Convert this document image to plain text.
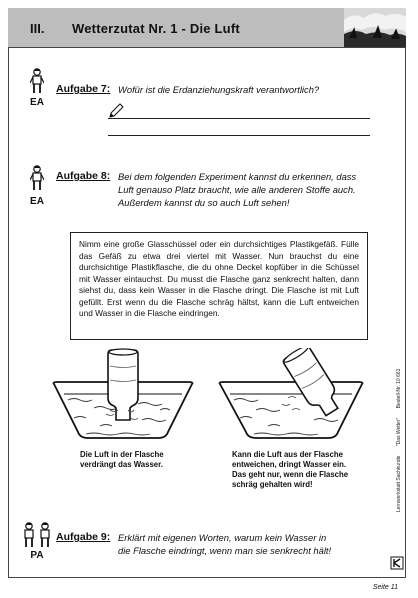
III. Wetterzutat Nr. 1 - Die Luft
EA
Aufgabe 7: Wofür ist die Erdanziehungskraft verantwortlich?
EA
Aufgabe 8: Bei dem folgenden Experiment kannst du erkennen, dass
Luft genauso Platz braucht, wie alle anderen Stoffe auch.
Außerdem kannst du so auch Luft sehen!
Nimm eine große Glasschüssel oder ein durchsichtiges Plastikgefäß. Fülle das Gefäß zu etwa drei viertel mit Wasser. Nun brauchst du eine durchsichtige Plastikflasche, die du ohne Deckel kopfüber in die Schüssel mit Wasser eintauchst. Du musst die Flasche ganz senkrecht halten, dann siehst du, dass kein Wasser in die Flasche dringt. Die Flasche ist mit Luft gefüllt. Erst wenn du die Flasche schräg hältst, kann die Luft entweichen und Wasser in die Flasche eindringen.
Die Luft in der Flasche
verdrängt das Wasser.
Kann die Luft aus der Flasche
entweichen, dringt Wasser ein.
Das geht nur, wenn die Flasche
schräg gehalten wird!
PA
Aufgabe 9: Erklärt mit eigenen Worten, warum kein Wasser in
die Flasche eindringt, wenn man sie senkrecht hält!
Lernwerkstatt Sachkunde "Das Wetter" Bestell-Nr. 10 661
Seite 11
